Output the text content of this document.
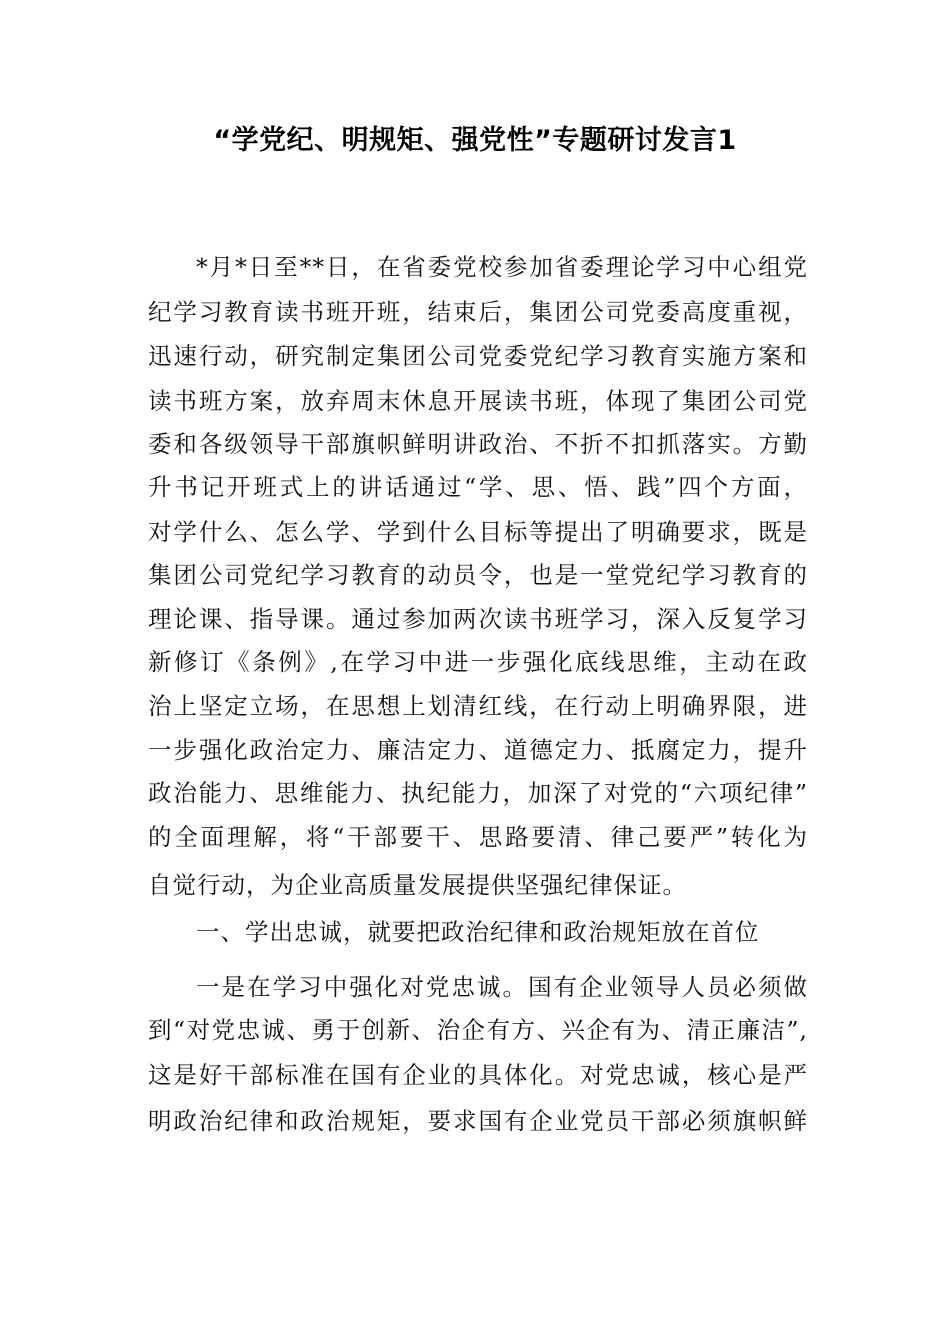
“学党纪、明规矩、强党性”专题研讨发言1
*月*日至**日，在省委党校参加省委理论学习中心组党
纪学习教育读书班开班，结束后，集团公司党委高度重视，
迅速行动，研究制定集团公司党委党纪学习教育实施方案和
读书班方案，放弃周末休息开展读书班，体现了集团公司党
委和各级领导干部旗帜鲜明讲政治、不折不扣抓落实。方勤
升书记开班式上的讲话通过“学、思、悟、践”四个方面，
对学什么、怎么学、学到什么目标等提出了明确要求，既是
集团公司党纪学习教育的动员令，也是一堂党纪学习教育的
理论课、指导课。通过参加两次读书班学习，深入反复学习
新修订《条例》,在学习中进一步强化底线思维，主动在政
治上坚定立场，在思想上划清红线，在行动上明确界限，进
一步强化政治定力、廉洁定力、道德定力、抵腐定力，提升
政治能力、思维能力、执纪能力，加深了对党的“六项纪律”
的全面理解，将“干部要干、思路要清、律己要严”转化为
自觉行动，为企业高质量发展提供坚强纪律保证。
一、学出忠诚，就要把政治纪律和政治规矩放在首位
一是在学习中强化对党忠诚。国有企业领导人员必须做
到“对党忠诚、勇于创新、治企有方、兴企有为、清正廉洁”,
这是好干部标准在国有企业的具体化。对党忠诚，核心是严
明政治纪律和政治规矩，要求国有企业党员干部必须旗帜鲜
